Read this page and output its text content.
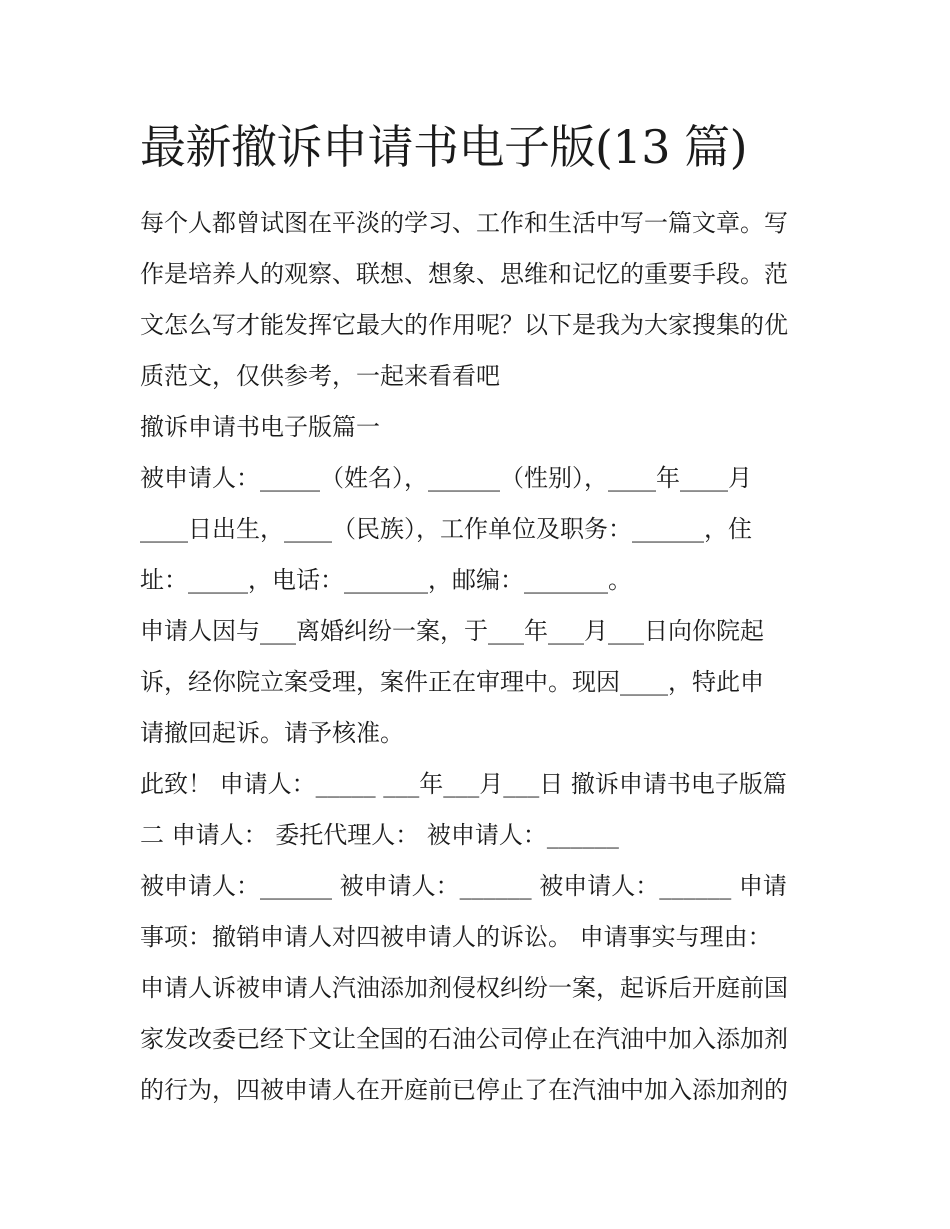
最新撤诉申请书电子版(13 篇)
每个人都曾试图在平淡的学习、工作和生活中写一篇文章。写
作是培养人的观察、联想、想象、思维和记忆的重要手段。范
文怎么写才能发挥它最大的作用呢？以下是我为大家搜集的优
质范文，仅供参考，一起来看看吧
撤诉申请书电子版篇一
被申请人：_____（姓名），______（性别），____年____月
____日出生，____（民族），工作单位及职务：______，住
址：_____，电话：_______，邮编：_______。
申请人因与___离婚纠纷一案，于___年___月___日向你院起
诉，经你院立案受理，案件正在审理中。现因____，特此申
请撤回起诉。请予核准。
此致！ 申请人：_____ ___年___月___日 撤诉申请书电子版篇
二 申请人： 委托代理人： 被申请人：______
被申请人：______ 被申请人：______ 被申请人：______ 申请
事项：撤销申请人对四被申请人的诉讼。 申请事实与理由：
申请人诉被申请人汽油添加剂侵权纠纷一案，起诉后开庭前国
家发改委已经下文让全国的石油公司停止在汽油中加入添加剂
的行为，四被申请人在开庭前已停止了在汽油中加入添加剂的
